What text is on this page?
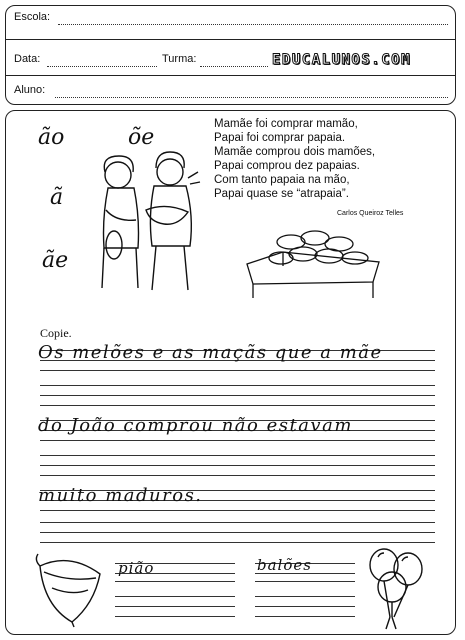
Escola:
Data:	Turma:	EDUCALUNOS.COM
Aluno:
ão	õe
ã
ãe
Mamãe foi comprar mamão,
Papai foi comprar papaia.
Mamãe comprou dois mamões,
Papai comprou dez papaias.
Com tanto papaia na mão,
Papai quase se “atrapaia”.
Carlos Queiroz Telles
Copie.
Os melões e as maçãs que a mãe
do João comprou não estavam
muito maduros.
pião	balões
